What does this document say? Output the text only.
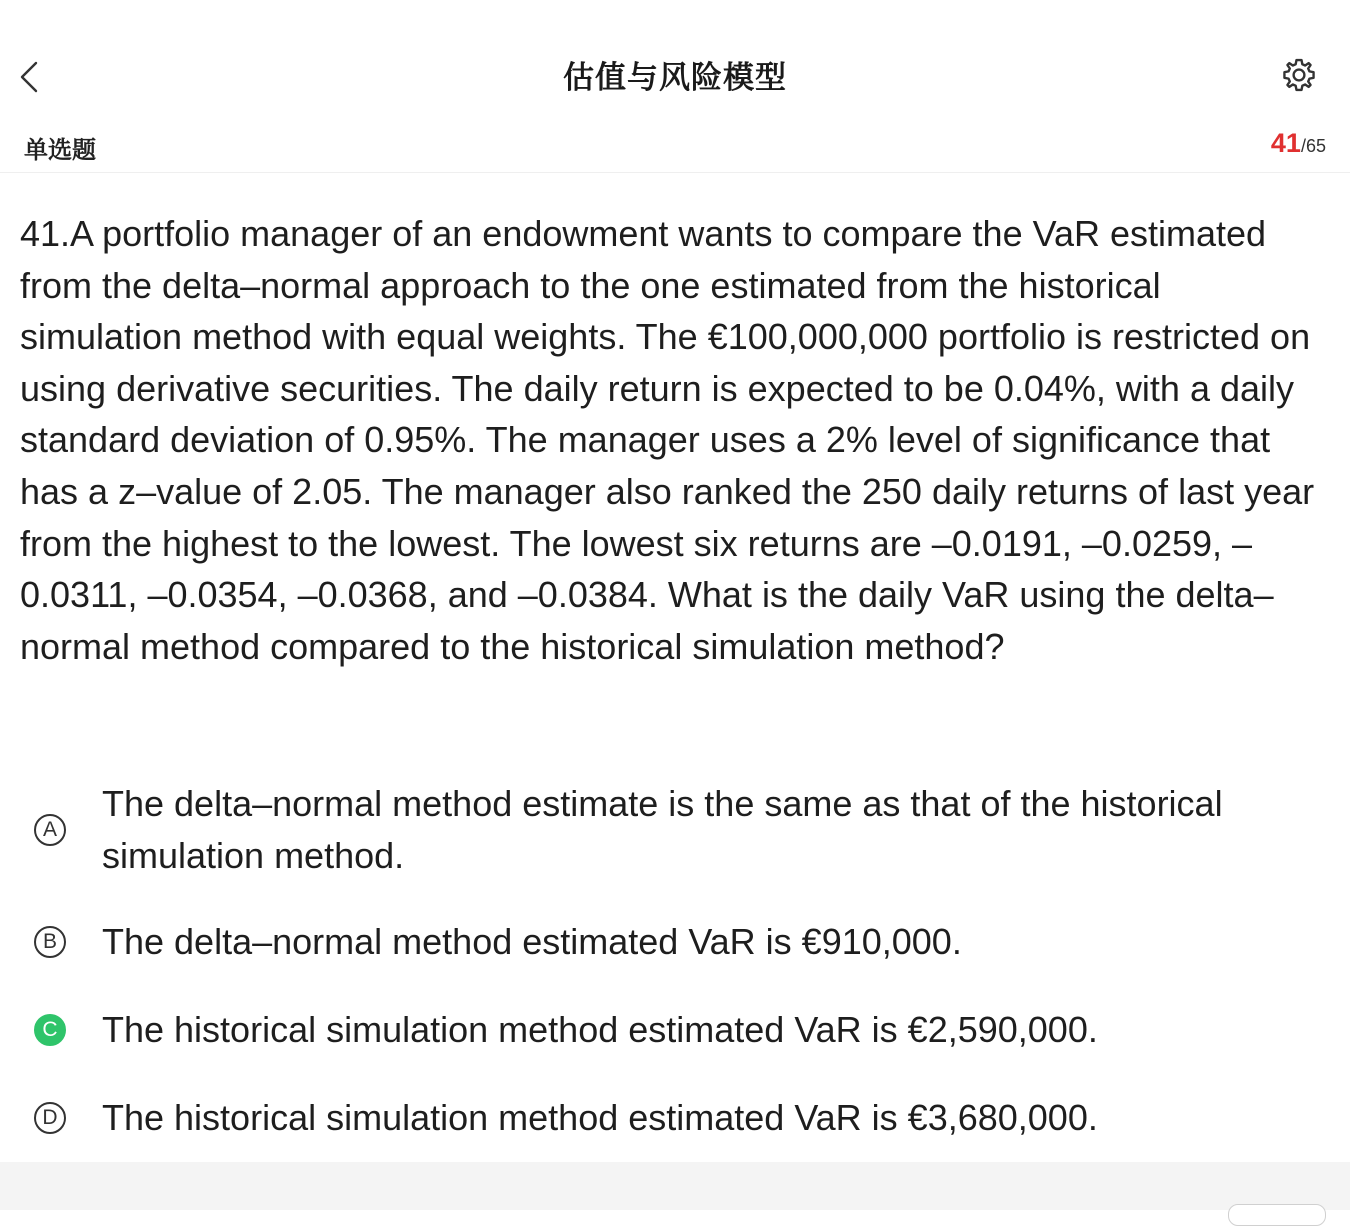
估值与风险模型
单选题	41/65
41.A portfolio manager of an endowment wants to compare the VaR estimated from the delta–normal approach to the one estimated from the historical simulation method with equal weights. The €100,000,000 portfolio is restricted on using derivative securities. The daily return is expected to be 0.04%, with a daily standard deviation of 0.95%. The manager uses a 2% level of significance that has a z–value of 2.05. The manager also ranked the 250 daily returns of last year from the highest to the lowest. The lowest six returns are –0.0191, –0.0259, –0.0311, –0.0354, –0.0368, and –0.0384. What is the daily VaR using the delta–normal method compared to the historical simulation method?
A
The delta–normal method estimate is the same as that of the historical simulation method.
B The delta–normal method estimated VaR is €910,000.
C The historical simulation method estimated VaR is €2,590,000.
D The historical simulation method estimated VaR is €3,680,000.
